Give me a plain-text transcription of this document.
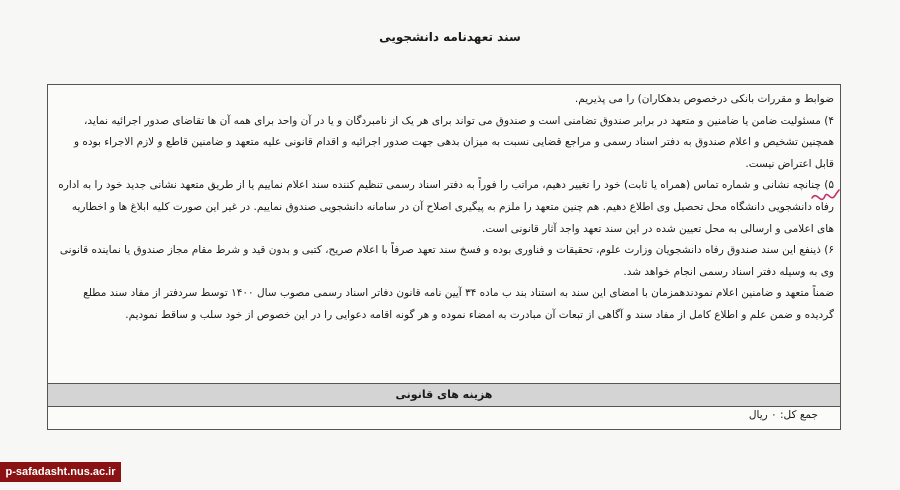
سند تعهدنامه دانشجویی

ضوابط و مقررات بانکی درخصوص بدهکاران) را می پذیریم.

۴) مسئولیت ضامن یا ضامنین و متعهد در برابر صندوق تضامنی است و صندوق می تواند برای هر یک از نامبردگان و یا در آن واحد برای همه آن ها تقاضای صدور اجرائیه نماید، همچنین تشخیص و اعلام صندوق به دفتر اسناد رسمی و مراجع قضایی نسبت به میزان بدهی جهت صدور اجرائیه و اقدام قانونی علیه متعهد و ضامنین قاطع و لازم الاجراء بوده و قابل اعتراض نیست.

۵) چنانچه نشانی و شماره تماس (همراه یا ثابت) خود را تغییر دهیم، مراتب را فوراً به دفتر اسناد رسمی تنظیم کننده سند اعلام نماییم یا از طریق متعهد نشانی جدید خود را به اداره رفاه دانشجویی دانشگاه محل تحصیل وی اطلاع دهیم. هم چنین متعهد را ملزم به پیگیری اصلاح آن در سامانه دانشجویی صندوق نماییم. در غیر این صورت کلیه ابلاغ ها و اخطاریه های اعلامی و ارسالی به محل تعیین شده در این سند تعهد واجد آثار قانونی است.

۶) ذینفع این سند صندوق رفاه دانشجویان وزارت علوم، تحقیقات و فناوری بوده و فسخ سند تعهد صرفاً با اعلام صریح، کتبی و بدون قید و شرط مقام مجاز صندوق یا نماینده قانونی وی به وسیله دفتر اسناد رسمی انجام خواهد شد.

ضمناً متعهد و ضامنین اعلام نمودندهمزمان با امضای این سند به استناد بند ب ماده ۳۴ آیین نامه قانون دفاتر اسناد رسمی مصوب سال ۱۴۰۰ توسط سردفتر از مفاد سند مطلع گردیده و ضمن علم و اطلاع کامل از مفاد سند و آگاهی از تبعات آن مبادرت به امضاء نموده و هر گونه اقامه دعوایی را در این خصوص از خود سلب و ساقط نمودیم.

هزینه های قانونی
جمع کل: ۰ ریال
p-safadasht.nus.ac.ir
